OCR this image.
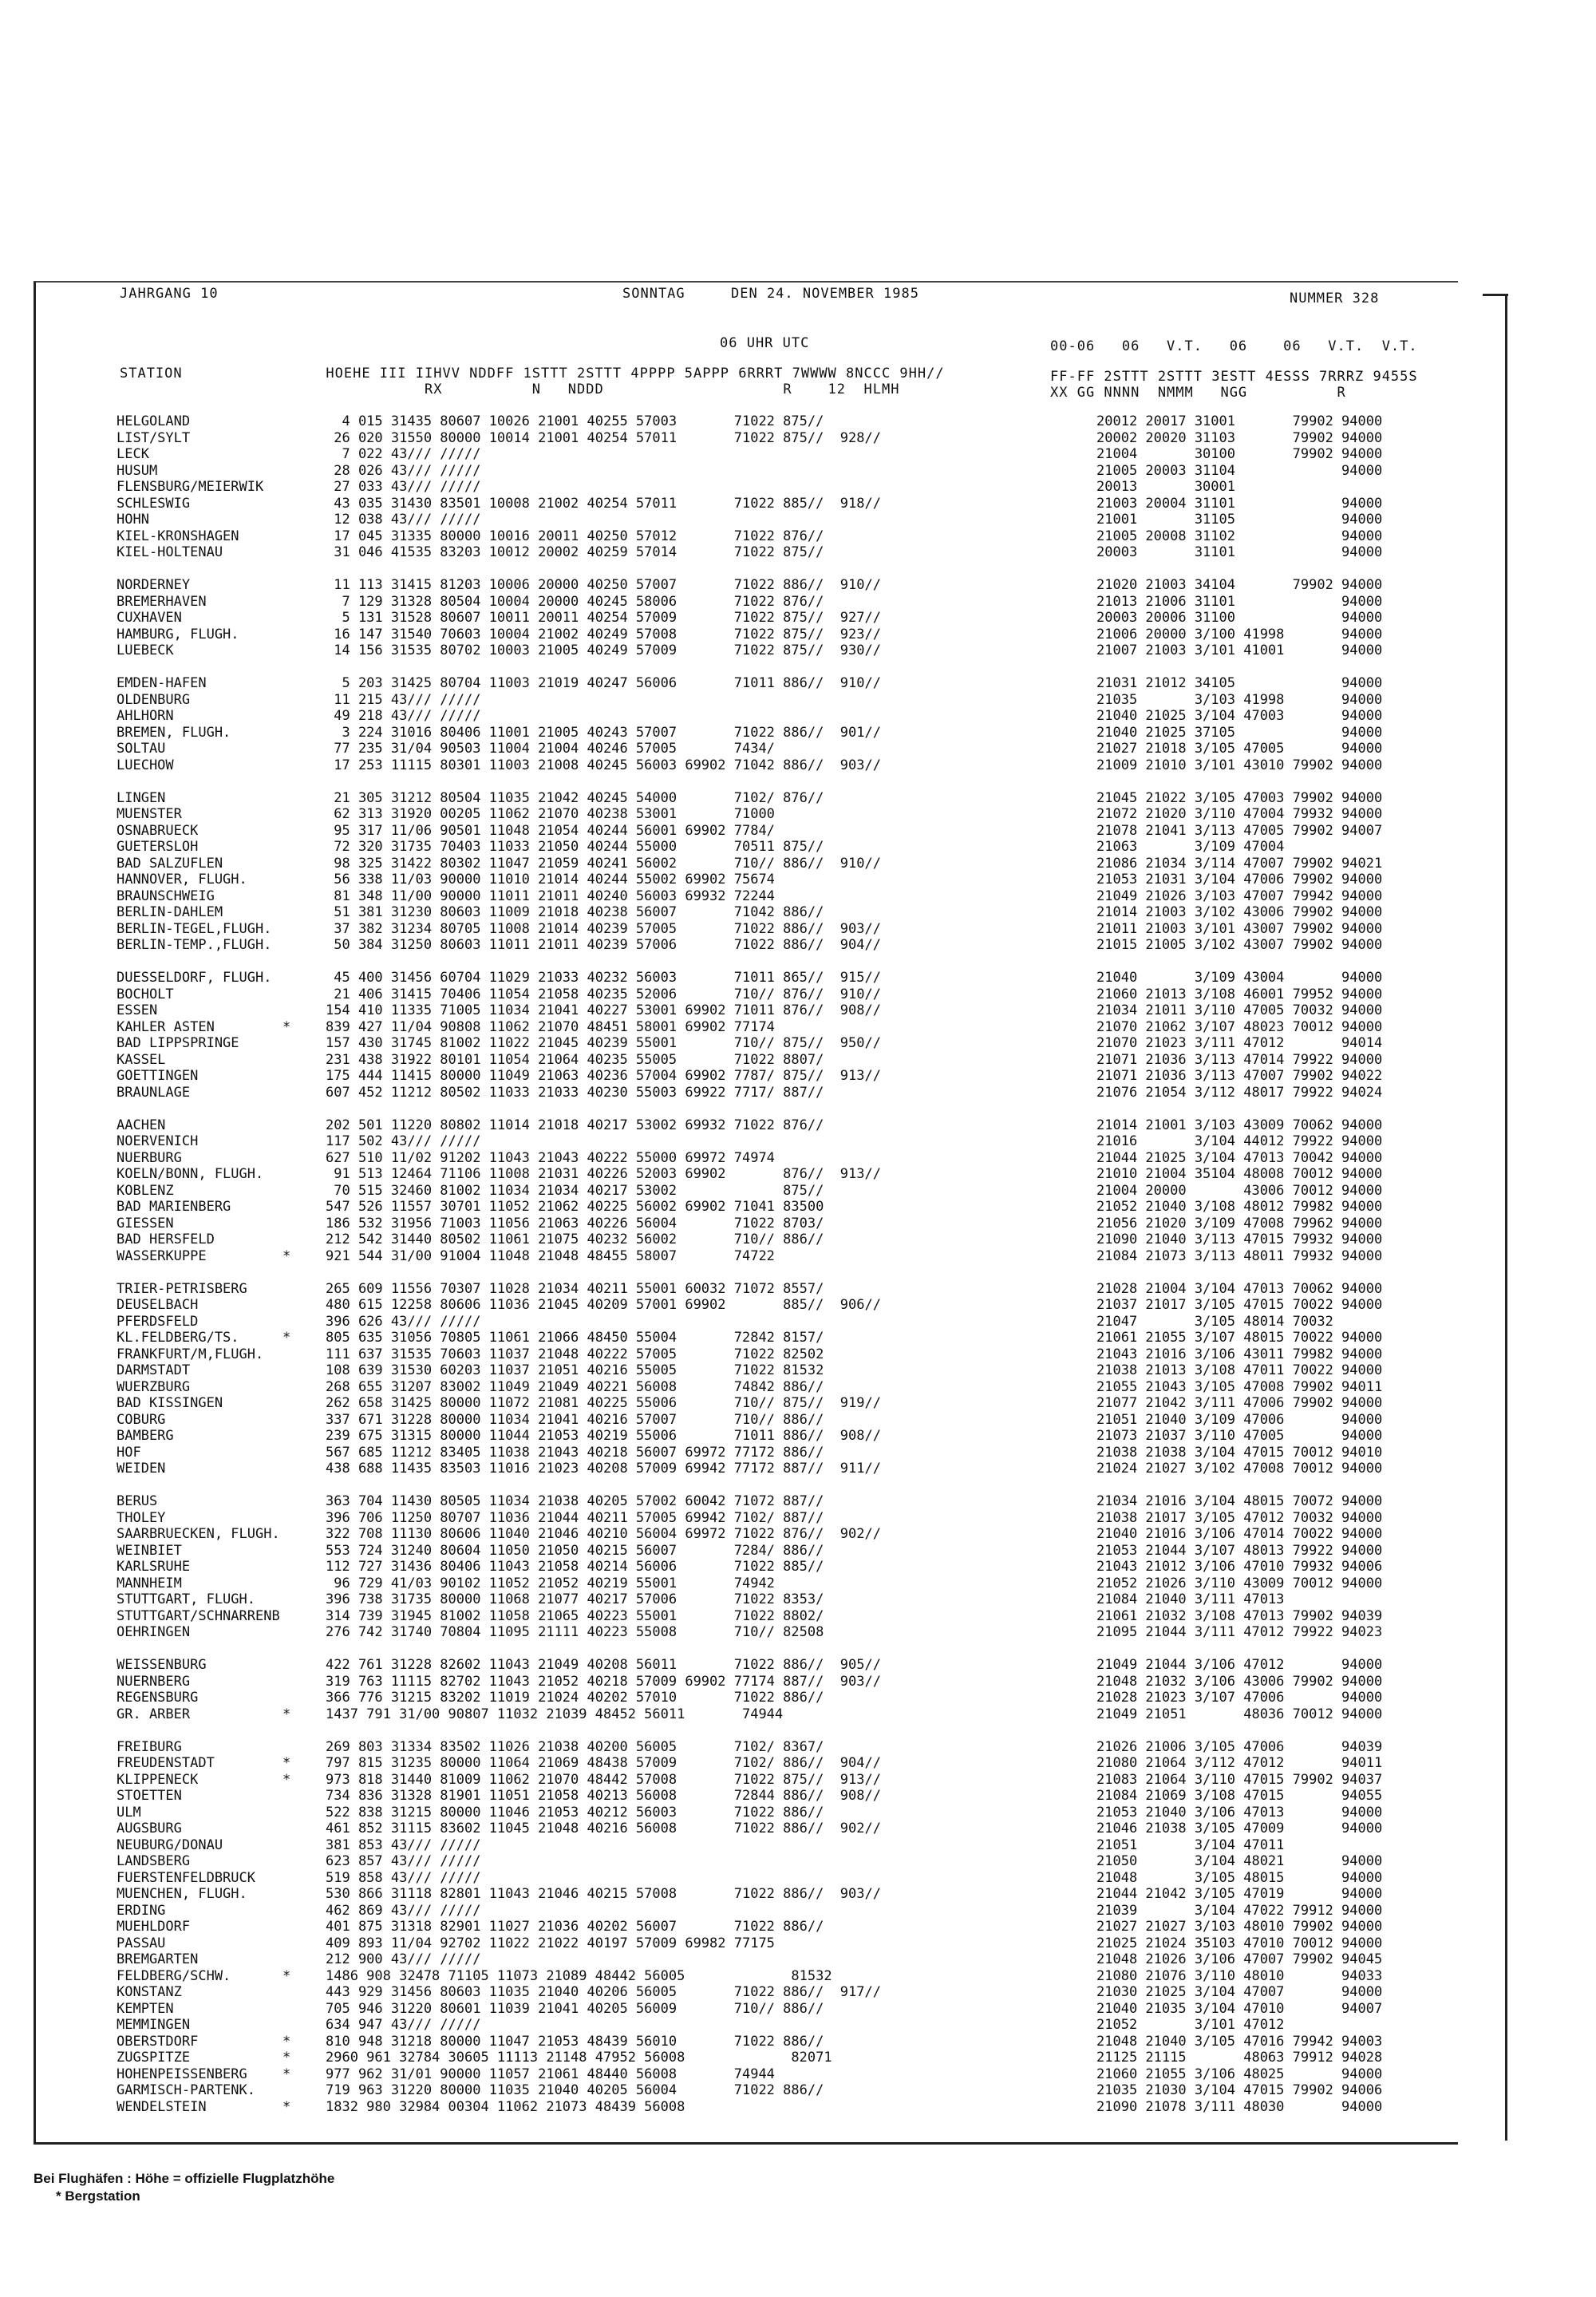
JAHRGANG 10	SONNTAG	DEN 24. NOVEMBER 1985	NUMMER 328
06 UHR UTC	00-06   06   V.T.   06    06   V.T.  V.T.
STATION                HOEHE III IIHVV NDDFF 1STTT 2STTT 4PPPP 5APPP 6RRRT 7WWWW 8NCCC 9HH//
RX          N   NDDD                    R    12  HLMH
FF-FF 2STTT 2STTT 3ESTT 4ESSS 7RRRZ 9455S
XX GG NNNN  NMMM   NGG          R
HELGOLAND	4 015 31435 80607 10026 21001 40255 57003       71022 875//	20012 20017 31001       79902 94000
LIST/SYLT	26 020 31550 80000 10014 21001 40254 57011       71022 875//  928//	20002 20020 31103       79902 94000
LECK	7 022 43/// /////	21004       30100       79902 94000
HUSUM	28 026 43/// /////	21005 20003 31104             94000
FLENSBURG/MEIERWIK	27 033 43/// /////	20013       30001
SCHLESWIG	43 035 31430 83501 10008 21002 40254 57011       71022 885//  918//	21003 20004 31101             94000
HOHN	12 038 43/// /////	21001       31105             94000
KIEL-KRONSHAGEN	17 045 31335 80000 10016 20011 40250 57012       71022 876//	21005 20008 31102             94000
KIEL-HOLTENAU	31 046 41535 83203 10012 20002 40259 57014       71022 875//	20003       31101             94000
NORDERNEY	11 113 31415 81203 10006 20000 40250 57007       71022 886//  910//	21020 21003 34104       79902 94000
BREMERHAVEN	7 129 31328 80504 10004 20000 40245 58006       71022 876//	21013 21006 31101             94000
CUXHAVEN	5 131 31528 80607 10011 20011 40254 57009       71022 875//  927//	20003 20006 31100             94000
HAMBURG, FLUGH.	16 147 31540 70603 10004 21002 40249 57008       71022 875//  923//	21006 20000 3/100 41998       94000
LUEBECK	14 156 31535 80702 10003 21005 40249 57009       71022 875//  930//	21007 21003 3/101 41001       94000
EMDEN-HAFEN	5 203 31425 80704 11003 21019 40247 56006       71011 886//  910//	21031 21012 34105             94000
OLDENBURG	11 215 43/// /////	21035       3/103 41998       94000
AHLHORN	49 218 43/// /////	21040 21025 3/104 47003       94000
BREMEN, FLUGH.	3 224 31016 80406 11001 21005 40243 57007       71022 886//  901//	21040 21025 37105             94000
SOLTAU	77 235 31/04 90503 11004 21004 40246 57005       7434/	21027 21018 3/105 47005       94000
LUECHOW	17 253 11115 80301 11003 21008 40245 56003 69902 71042 886//  903//	21009 21010 3/101 43010 79902 94000
LINGEN	21 305 31212 80504 11035 21042 40245 54000       7102/ 876//	21045 21022 3/105 47003 79902 94000
MUENSTER	62 313 31920 00205 11062 21070 40238 53001       71000	21072 21020 3/110 47004 79932 94000
OSNABRUECK	95 317 11/06 90501 11048 21054 40244 56001 69902 7784/	21078 21041 3/113 47005 79902 94007
GUETERSLOH	72 320 31735 70403 11033 21050 40244 55000       70511 875//	21063       3/109 47004
BAD SALZUFLEN	98 325 31422 80302 11047 21059 40241 56002       710// 886//  910//	21086 21034 3/114 47007 79902 94021
HANNOVER, FLUGH.	56 338 11/03 90000 11010 21014 40244 55002 69902 75674	21053 21031 3/104 47006 79902 94000
BRAUNSCHWEIG	81 348 11/00 90000 11011 21011 40240 56003 69932 72244	21049 21026 3/103 47007 79942 94000
BERLIN-DAHLEM	51 381 31230 80603 11009 21018 40238 56007       71042 886//	21014 21003 3/102 43006 79902 94000
BERLIN-TEGEL,FLUGH.	37 382 31234 80705 11008 21014 40239 57005       71022 886//  903//	21011 21003 3/101 43007 79902 94000
BERLIN-TEMP.,FLUGH.	50 384 31250 80603 11011 21011 40239 57006       71022 886//  904//	21015 21005 3/102 43007 79902 94000
DUESSELDORF, FLUGH.	45 400 31456 60704 11029 21033 40232 56003       71011 865//  915//	21040       3/109 43004       94000
BOCHOLT	21 406 31415 70406 11054 21058 40235 52006       710// 876//  910//	21060 21013 3/108 46001 79952 94000
ESSEN	154 410 11335 71005 11034 21041 40227 53001 69902 71011 876//  908//	21034 21011 3/110 47005 70032 94000
KAHLER ASTEN	*	839 427 11/04 90808 11062 21070 48451 58001 69902 77174	21070 21062 3/107 48023 70012 94000
BAD LIPPSPRINGE	157 430 31745 81002 11022 21045 40239 55001       710// 875//  950//	21070 21023 3/111 47012       94014
KASSEL	231 438 31922 80101 11054 21064 40235 55005       71022 8807/	21071 21036 3/113 47014 79922 94000
GOETTINGEN	175 444 11415 80000 11049 21063 40236 57004 69902 7787/ 875//  913//	21071 21036 3/113 47007 79902 94022
BRAUNLAGE	607 452 11212 80502 11033 21033 40230 55003 69922 7717/ 887//	21076 21054 3/112 48017 79922 94024
AACHEN	202 501 11220 80802 11014 21018 40217 53002 69932 71022 876//	21014 21001 3/103 43009 70062 94000
NOERVENICH	117 502 43/// /////	21016       3/104 44012 79922 94000
NUERBURG	627 510 11/02 91202 11043 21043 40222 55000 69972 74974	21044 21025 3/104 47013 70042 94000
KOELN/BONN, FLUGH.	91 513 12464 71106 11008 21031 40226 52003 69902       876//  913//	21010 21004 35104 48008 70012 94000
KOBLENZ	70 515 32460 81002 11034 21034 40217 53002             875//	21004 20000       43006 70012 94000
BAD MARIENBERG	547 526 11557 30701 11052 21062 40225 56002 69902 71041 83500	21052 21040 3/108 48012 79982 94000
GIESSEN	186 532 31956 71003 11056 21063 40226 56004       71022 8703/	21056 21020 3/109 47008 79962 94000
BAD HERSFELD	212 542 31440 80502 11061 21075 40232 56002       710// 886//	21090 21040 3/113 47015 79932 94000
WASSERKUPPE	*	921 544 31/00 91004 11048 21048 48455 58007       74722	21084 21073 3/113 48011 79932 94000
TRIER-PETRISBERG	265 609 11556 70307 11028 21034 40211 55001 60032 71072 8557/	21028 21004 3/104 47013 70062 94000
DEUSELBACH	480 615 12258 80606 11036 21045 40209 57001 69902       885//  906//	21037 21017 3/105 47015 70022 94000
PFERDSFELD	396 626 43/// /////	21047       3/105 48014 70032
KL.FELDBERG/TS.	*	805 635 31056 70805 11061 21066 48450 55004       72842 8157/	21061 21055 3/107 48015 70022 94000
FRANKFURT/M,FLUGH.	111 637 31535 70603 11037 21048 40222 57005       71022 82502	21043 21016 3/106 43011 79982 94000
DARMSTADT	108 639 31530 60203 11037 21051 40216 55005       71022 81532	21038 21013 3/108 47011 70022 94000
WUERZBURG	268 655 31207 83002 11049 21049 40221 56008       74842 886//	21055 21043 3/105 47008 79902 94011
BAD KISSINGEN	262 658 31425 80000 11072 21081 40225 55006       710// 875//  919//	21077 21042 3/111 47006 79902 94000
COBURG	337 671 31228 80000 11034 21041 40216 57007       710// 886//	21051 21040 3/109 47006       94000
BAMBERG	239 675 31315 80000 11044 21053 40219 55006       71011 886//  908//	21073 21037 3/110 47005       94000
HOF	567 685 11212 83405 11038 21043 40218 56007 69972 77172 886//	21038 21038 3/104 47015 70012 94010
WEIDEN	438 688 11435 83503 11016 21023 40208 57009 69942 77172 887//  911//	21024 21027 3/102 47008 70012 94000
BERUS	363 704 11430 80505 11034 21038 40205 57002 60042 71072 887//	21034 21016 3/104 48015 70072 94000
THOLEY	396 706 11250 80707 11036 21044 40211 57005 69942 7102/ 887//	21038 21017 3/105 47012 70032 94000
SAARBRUECKEN, FLUGH.	322 708 11130 80606 11040 21046 40210 56004 69972 71022 876//  902//	21040 21016 3/106 47014 70022 94000
WEINBIET	553 724 31240 80604 11050 21050 40215 56007       7284/ 886//	21053 21044 3/107 48013 79922 94000
KARLSRUHE	112 727 31436 80406 11043 21058 40214 56006       71022 885//	21043 21012 3/106 47010 79932 94006
MANNHEIM	96 729 41/03 90102 11052 21052 40219 55001       74942	21052 21026 3/110 43009 70012 94000
STUTTGART, FLUGH.	396 738 31735 80000 11068 21077 40217 57006       71022 8353/	21084 21040 3/111 47013
STUTTGART/SCHNARRENB	314 739 31945 81002 11058 21065 40223 55001       71022 8802/	21061 21032 3/108 47013 79902 94039
OEHRINGEN	276 742 31740 70804 11095 21111 40223 55008       710// 82508	21095 21044 3/111 47012 79922 94023
WEISSENBURG	422 761 31228 82602 11043 21049 40208 56011       71022 886//  905//	21049 21044 3/106 47012       94000
NUERNBERG	319 763 11115 82702 11043 21052 40218 57009 69902 77174 887//  903//	21048 21032 3/106 43006 79902 94000
REGENSBURG	366 776 31215 83202 11019 21024 40202 57010       71022 886//	21028 21023 3/107 47006       94000
GR. ARBER	*	1437 791 31/00 90807 11032 21039 48452 56011       74944	21049 21051       48036 70012 94000
FREIBURG	269 803 31334 83502 11026 21038 40200 56005       7102/ 8367/	21026 21006 3/105 47006       94039
FREUDENSTADT	*	797 815 31235 80000 11064 21069 48438 57009       7102/ 886//  904//	21080 21064 3/112 47012       94011
KLIPPENECK	*	973 818 31440 81009 11062 21070 48442 57008       71022 875//  913//	21083 21064 3/110 47015 79902 94037
STOETTEN	734 836 31328 81901 11051 21058 40213 56008       72844 886//  908//	21084 21069 3/108 47015       94055
ULM	522 838 31215 80000 11046 21053 40212 56003       71022 886//	21053 21040 3/106 47013       94000
AUGSBURG	461 852 31115 83602 11045 21048 40216 56008       71022 886//  902//	21046 21038 3/105 47009       94000
NEUBURG/DONAU	381 853 43/// /////	21051       3/104 47011
LANDSBERG	623 857 43/// /////	21050       3/104 48021       94000
FUERSTENFELDBRUCK	519 858 43/// /////	21048       3/105 48015       94000
MUENCHEN, FLUGH.	530 866 31118 82801 11043 21046 40215 57008       71022 886//  903//	21044 21042 3/105 47019       94000
ERDING	462 869 43/// /////	21039       3/104 47022 79912 94000
MUEHLDORF	401 875 31318 82901 11027 21036 40202 56007       71022 886//	21027 21027 3/103 48010 79902 94000
PASSAU	409 893 11/04 92702 11022 21022 40197 57009 69982 77175	21025 21024 35103 47010 70012 94000
BREMGARTEN	212 900 43/// /////	21048 21026 3/106 47007 79902 94045
FELDBERG/SCHW.	*	1486 908 32478 71105 11073 21089 48442 56005             81532	21080 21076 3/110 48010       94033
KONSTANZ	443 929 31456 80603 11035 21040 40206 56005       71022 886//  917//	21030 21025 3/104 47007       94000
KEMPTEN	705 946 31220 80601 11039 21041 40205 56009       710// 886//	21040 21035 3/104 47010       94007
MEMMINGEN	634 947 43/// /////	21052       3/101 47012
OBERSTDORF	*	810 948 31218 80000 11047 21053 48439 56010       71022 886//	21048 21040 3/105 47016 79942 94003
ZUGSPITZE	*	2960 961 32784 30605 11113 21148 47952 56008             82071	21125 21115       48063 79912 94028
HOHENPEISSENBERG	*	977 962 31/01 90000 11057 21061 48440 56008       74944	21060 21055 3/106 48025       94000
GARMISCH-PARTENK.	719 963 31220 80000 11035 21040 40205 56004       71022 886//	21035 21030 3/104 47015 79902 94006
WENDELSTEIN	*	1832 980 32984 00304 11062 21073 48439 56008	21090 21078 3/111 48030       94000
Bei Flughäfen : Höhe = offizielle Flugplatzhöhe
* Bergstation
